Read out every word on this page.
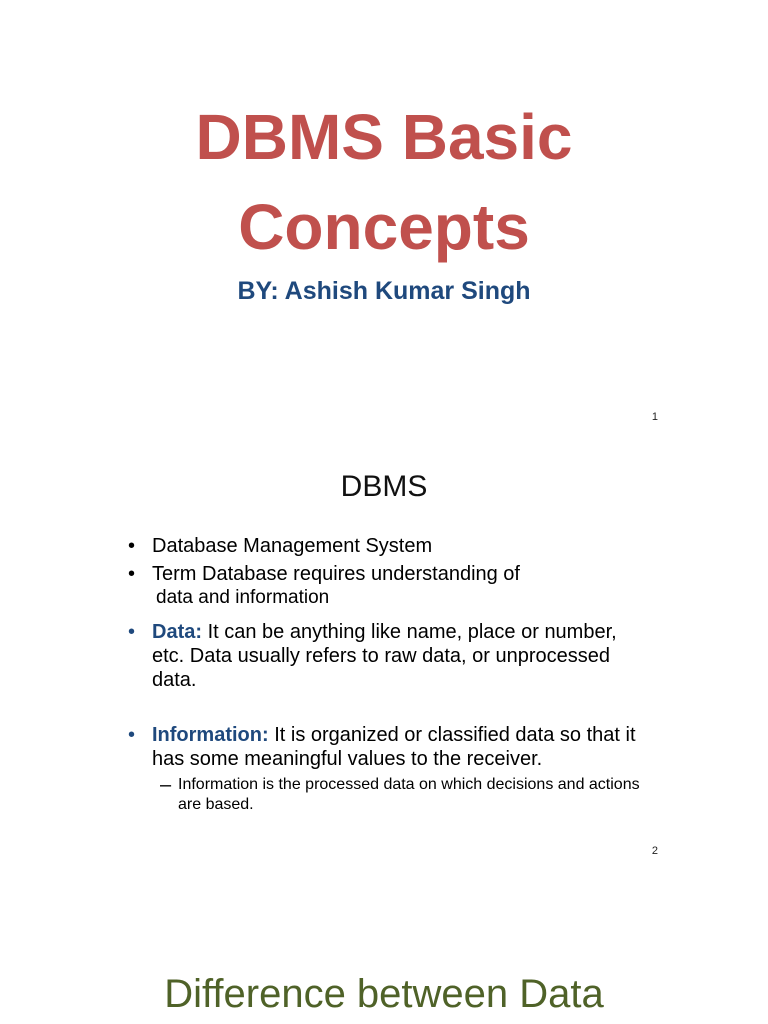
DBMS Basic
Concepts
BY: Ashish Kumar Singh
1
DBMS
• Database Management System
• Term Database requires understanding of
data and information
• Data: It can be anything like name, place or number, etc. Data usually refers to raw data, or unprocessed data.
• Information: It is organized or classified data so that it has some meaningful values to the receiver.
– Information is the processed data on which decisions and actions are based.
2
Difference between Data
